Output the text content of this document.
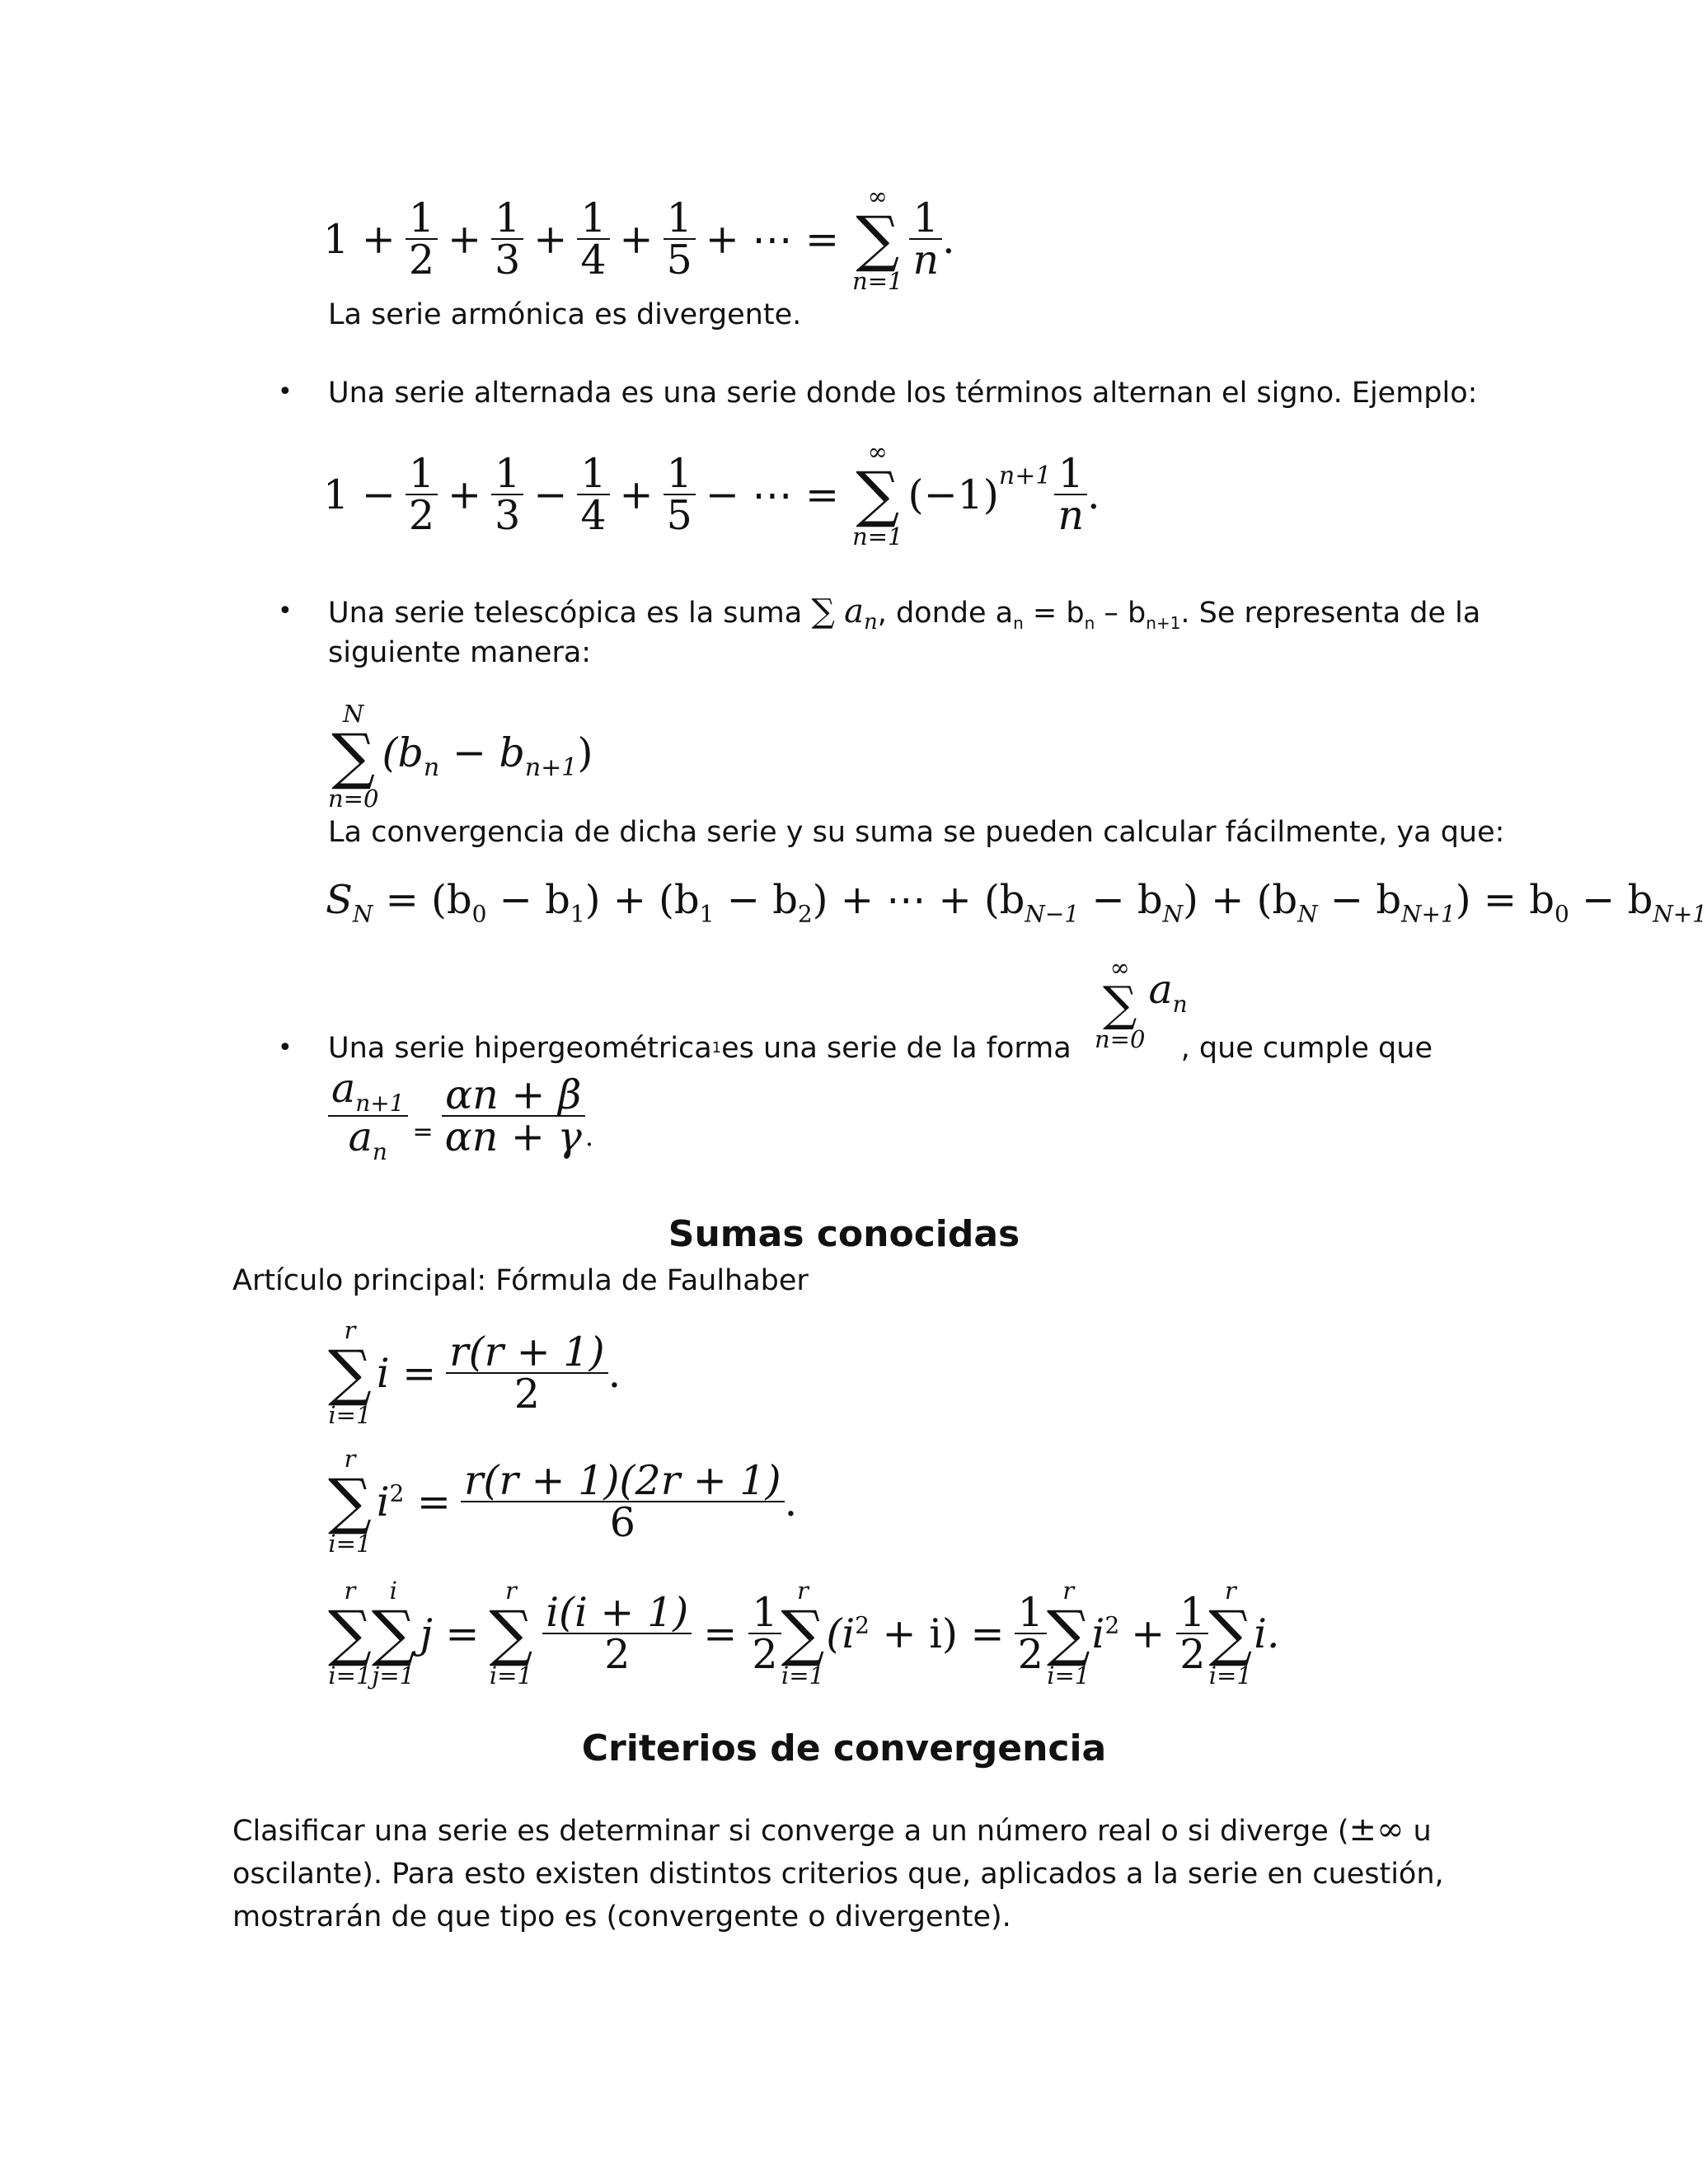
$1 + \frac{1}{2} + \frac{1}{3} + \frac{1}{4} + \frac{1}{5}$ + ⋯ =
∞
∑
n=1
$\frac{1}{n}$ .
La serie armónica es divergente.
• Una serie alternada es una serie donde los términos alternan el signo. Ejemplo:
$1 - \frac{1}{2} + \frac{1}{3} - \frac{1}{4} + \frac{1}{5}$ − ⋯ =
∞
∑
n=1
(−1) $n+1 \frac{1}{n}$ .
• Una serie telescópica es la suma ∑ $a_n$, donde $a_n = b_n - b_{n+1}$. Se representa de la
siguiente manera:
N
∑
n=0
$(b_n - b_{n+1})$
La convergencia de dicha serie y su suma se pueden calcular fácilmente, ya que:
$S_N = (b_0 - b_1) + (b_1 - b_2)$ + ⋯ + $(b_{N-1} - b_N) + (b_N - b_{N+1}) = b_0 - b_{N+1}$
∞
∑
n=0
$a_n$
• Una serie hipergeométrica 1 es una serie de la forma	, que cumple que
$\frac{a_{n+1}}{a_n} = \frac{\alpha n + \beta}{\alpha n + \gamma}$ .
Sumas conocidas
Artículo principal: Fórmula de Faulhaber
r
∑
i=1
$i = \frac{r(r + 1)}{2}$ .
r
∑
i=1
$i^2 = \frac{r(r + 1)(2r + 1)}{6}$ .
r
∑
i=1
i
∑
j=1
j =
r
∑
i=1
$\frac{i(i + 1)}{2} = \frac{1}{2}$
r
∑
i=1
$(i^2 + i) = \frac{1}{2}$
r
∑
i=1
$i^2 + \frac{1}{2}$
r
∑
i=1
i.
Criterios de convergencia
Clasificar una serie es determinar si converge a un número real o si diverge (±∞ u
oscilante). Para esto existen distintos criterios que, aplicados a la serie en cuestión,
mostrarán de que tipo es (convergente o divergente).
